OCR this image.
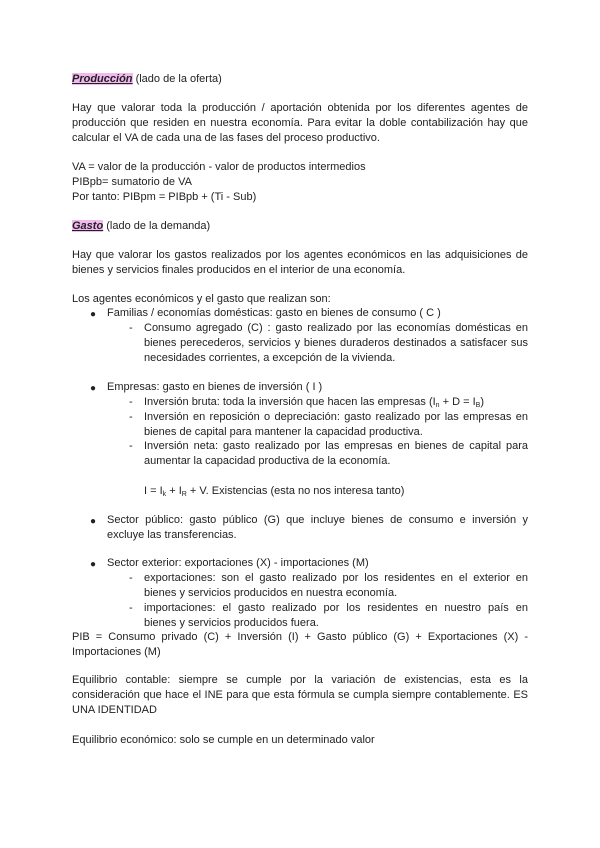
Producción (lado de la oferta)
Hay que valorar toda la producción / aportación obtenida por los diferentes agentes de
producción que residen en nuestra economía. Para evitar la doble contabilización hay que
calcular el VA de cada una de las fases del proceso productivo.
VA = valor de la producción - valor de productos intermedios
PIBpb= sumatorio de VA
Por tanto: PIBpm = PIBpb + (Ti - Sub)
Gasto (lado de la demanda)
Hay que valorar los gastos realizados por los agentes económicos en las adquisiciones de
bienes y servicios finales producidos en el interior de una economía.
Los agentes económicos y el gasto que realizan son:
● Familias / economías domésticas: gasto en bienes de consumo ( C )
- Consumo agregado (C) : gasto realizado por las economías domésticas en
bienes perecederos, servicios y bienes duraderos destinados a satisfacer sus
necesidades corrientes, a excepción de la vivienda.
● Empresas: gasto en bienes de inversión ( I )
- Inversión bruta: toda la inversión que hacen las empresas $(I_n + D = I_B)$
- Inversión en reposición o depreciación: gasto realizado por las empresas en
bienes de capital para mantener la capacidad productiva.
- Inversión neta: gasto realizado por las empresas en bienes de capital para
aumentar la capacidad productiva de la economía.
$I = I_k + I_R + V$. Existencias (esta no nos interesa tanto)
● Sector público: gasto público (G) que incluye bienes de consumo e inversión y
excluye las transferencias.
● Sector exterior: exportaciones (X) - importaciones (M)
- exportaciones: son el gasto realizado por los residentes en el exterior en
bienes y servicios producidos en nuestra economía.
- importaciones: el gasto realizado por los residentes en nuestro país en
bienes y servicios producidos fuera.
PIB = Consumo privado (C) + Inversión (I) + Gasto público (G) + Exportaciones (X) -
Importaciones (M)
Equilibrio contable: siempre se cumple por la variación de existencias, esta es la
consideración que hace el INE para que esta fórmula se cumpla siempre contablemente. ES
UNA IDENTIDAD
Equilibrio económico: solo se cumple en un determinado valor
